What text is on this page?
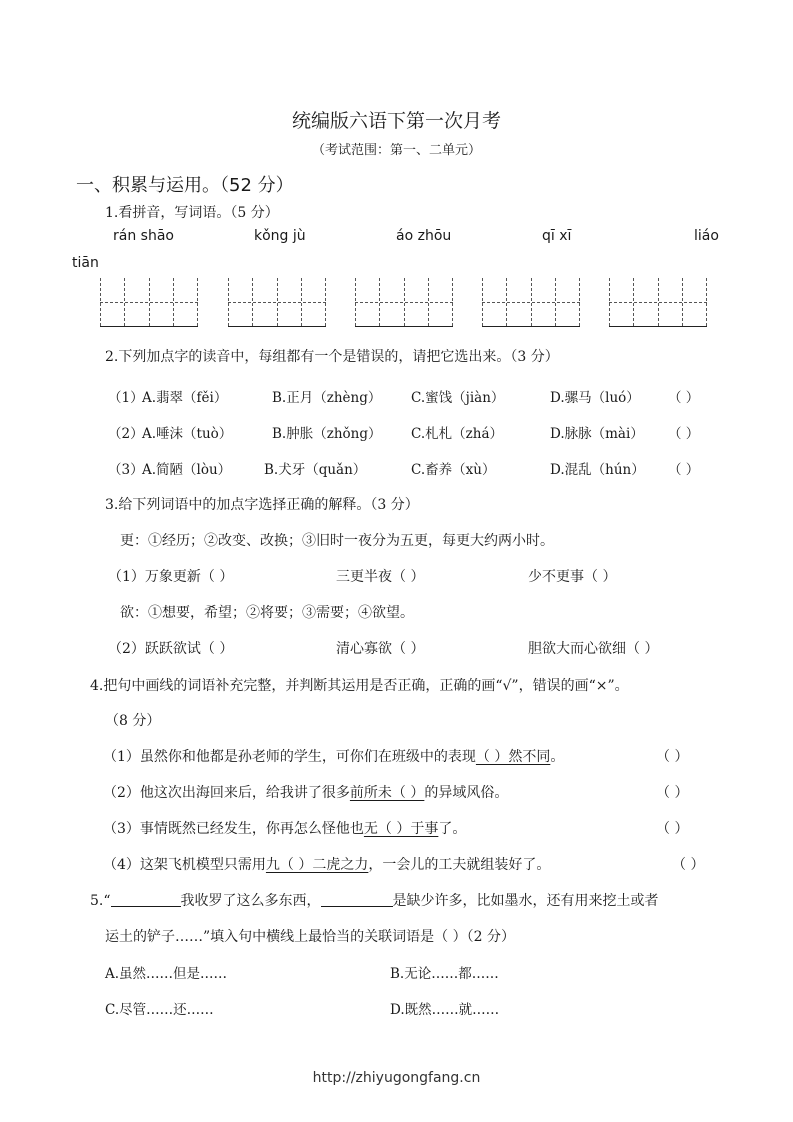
统编版六语下第一次月考
（考试范围：第一、二单元）
一、积累与运用。（52 分）
1.看拼音，写词语。（5 分）
rán shāo	kǒng jù	áo zhōu	qī xī	liáo
tiān
2.下列加点字的读音中，每组都有一个是错误的，请把它选出来。（3 分）
（1）
A.翡翠（fěi）	B.正月（zhèng） C.蜜饯（jiàn）	D.骡马（luó） （ ）
（2）
A.唾沫（tuò）	B.肿胀（zhǒng） C.札札（zhá）	D.脉脉（mài） （ ）
（3）
A.简陋（lòu） B.犬牙（quǎn）	C.畜养（xù）	D.混乱（hún） （ ）
3.给下列词语中的加点字选择正确的解释。（3 分）
更：①经历；②改变、改换；③旧时一夜分为五更，每更大约两小时。
（1）万象更新（ ）	三更半夜（ ）	少不更事（ ）
欲：①想要，希望；②将要；③需要；④欲望。
（2）跃跃欲试（ ）	清心寡欲（ ）	胆欲大而心欲细（ ）
4.把句中画线的词语补充完整，并判断其运用是否正确，正确的画“√”，错误的画“×”。
（8 分）
（1）虽然你和他都是孙老师的学生，可你们在班级中的表现（ ）然不同。	（ ）
（2）他这次出海回来后，给我讲了很多前所未（ ）的异域风俗。	（ ）
（3）事情既然已经发生，你再怎么怪他也无（ ）于事了。	（ ）
（4）这架飞机模型只需用九（ ）二虎之力，一会儿的工夫就组装好了。	（ ）
5.“	我收罗了这么多东西，	是缺少许多，比如墨水，还有用来挖土或者
运土的铲子……”填入句中横线上最恰当的关联词语是（ ）（2 分）
A.虽然……但是……	B.无论……都……
C.尽管……还……	D.既然……就……
http://zhiyugongfang.cn
